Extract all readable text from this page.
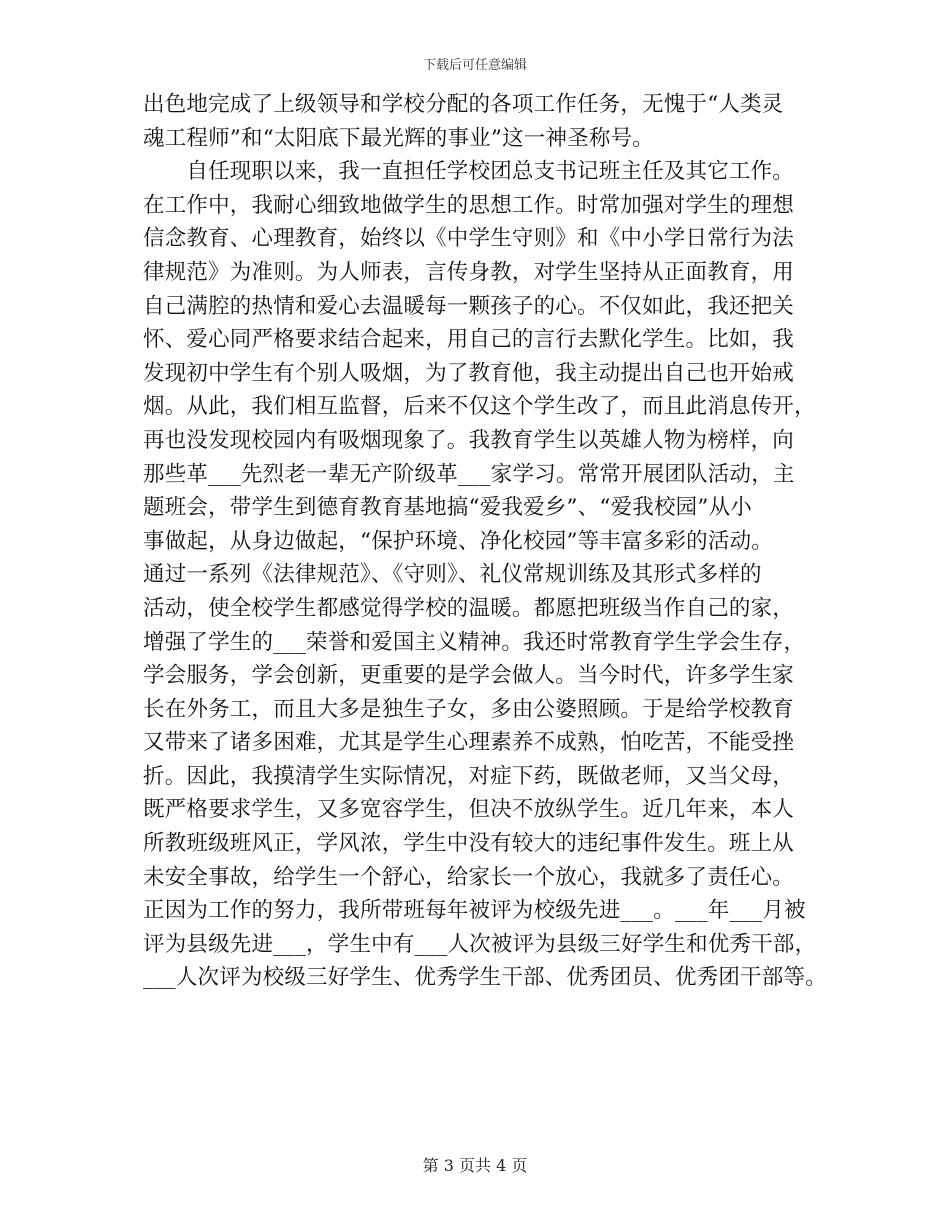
下载后可任意编辑
出色地完成了上级领导和学校分配的各项工作任务，无愧于“人类灵
魂工程师”和“太阳底下最光辉的事业”这一神圣称号。
　　自任现职以来，我一直担任学校团总支书记班主任及其它工作。
在工作中，我耐心细致地做学生的思想工作。时常加强对学生的理想
信念教育、心理教育，始终以《中学生守则》和《中小学日常行为法
律规范》为准则。为人师表，言传身教，对学生坚持从正面教育，用
自己满腔的热情和爱心去温暖每一颗孩子的心。不仅如此，我还把关
怀、爱心同严格要求结合起来，用自己的言行去默化学生。比如，我
发现初中学生有个别人吸烟，为了教育他，我主动提出自己也开始戒
烟。从此，我们相互监督，后来不仅这个学生改了，而且此消息传开，
再也没发现校园内有吸烟现象了。我教育学生以英雄人物为榜样，向
那些革___先烈老一辈无产阶级革___家学习。常常开展团队活动，主
题班会，带学生到德育教育基地搞“爱我爱乡”、“爱我校园”从小
事做起，从身边做起，“保护环境、净化校园”等丰富多彩的活动。
通过一系列《法律规范》、《守则》、礼仪常规训练及其形式多样的
活动，使全校学生都感觉得学校的温暖。都愿把班级当作自己的家，
增强了学生的___荣誉和爱国主义精神。我还时常教育学生学会生存，
学会服务，学会创新，更重要的是学会做人。当今时代，许多学生家
长在外务工，而且大多是独生子女，多由公婆照顾。于是给学校教育
又带来了诸多困难，尤其是学生心理素养不成熟，怕吃苦，不能受挫
折。因此，我摸清学生实际情况，对症下药，既做老师，又当父母，
既严格要求学生，又多宽容学生，但决不放纵学生。近几年来，本人
所教班级班风正，学风浓，学生中没有较大的违纪事件发生。班上从
未安全事故，给学生一个舒心，给家长一个放心，我就多了责任心。
正因为工作的努力，我所带班每年被评为校级先进___。___年___月被
评为县级先进___，学生中有___人次被评为县级三好学生和优秀干部，
___人次评为校级三好学生、优秀学生干部、优秀团员、优秀团干部等。
第 3 页共 4 页
